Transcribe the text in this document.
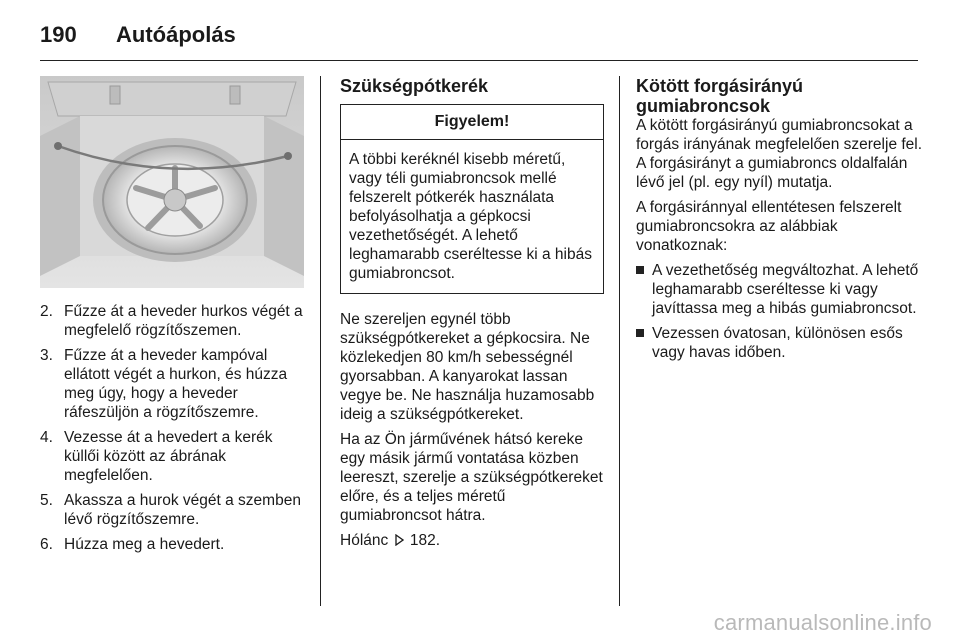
190 Autóápolás
2. Fűzze át a heveder hurkos végét a megfelelő rögzítőszemen.
3. Fűzze át a heveder kampóval ellátott végét a hurkon, és húzza meg úgy, hogy a heveder ráfeszüljön a rögzítőszemre.
4. Vezesse át a hevedert a kerék küllői között az ábrának megfelelően.
5. Akassza a hurok végét a szemben lévő rögzítőszemre.
6. Húzza meg a hevedert.
Szükségpótkerék
Figyelem!
A többi keréknél kisebb méretű, vagy téli gumiabroncsok mellé felszerelt pótkerék használata befolyásolhatja a gépkocsi vezethetőségét. A lehető leghamarabb cseréltesse ki a hibás gumiabroncsot.

Ne szereljen egynél több szükségpótkereket a gépkocsira. Ne közlekedjen 80 km/h sebességnél gyorsabban. A kanyarokat lassan vegye be. Ne használja huzamosabb ideig a szükségpótkereket.

Ha az Ön járművének hátsó kereke egy másik jármű vontatása közben leereszt, szerelje a szükségpótkereket előre, és a teljes méretű gumiabroncsot hátra.

Hólánc 182.

Kötött forgásirányú gumiabroncsok

A kötött forgásirányú gumiabroncsokat a forgás irányának megfelelően szerelje fel. A forgásirányt a gumiabroncs oldalfalán lévő jel (pl. egy nyíl) mutatja.

A forgásiránnyal ellentétesen felszerelt gumiabroncsokra az alábbiak vonatkoznak:

A vezethetőség megváltozhat. A lehető leghamarabb cseréltesse ki vagy javíttassa meg a hibás gumiabroncsot.
Vezessen óvatosan, különösen esős vagy havas időben.
carmanualsonline.info
